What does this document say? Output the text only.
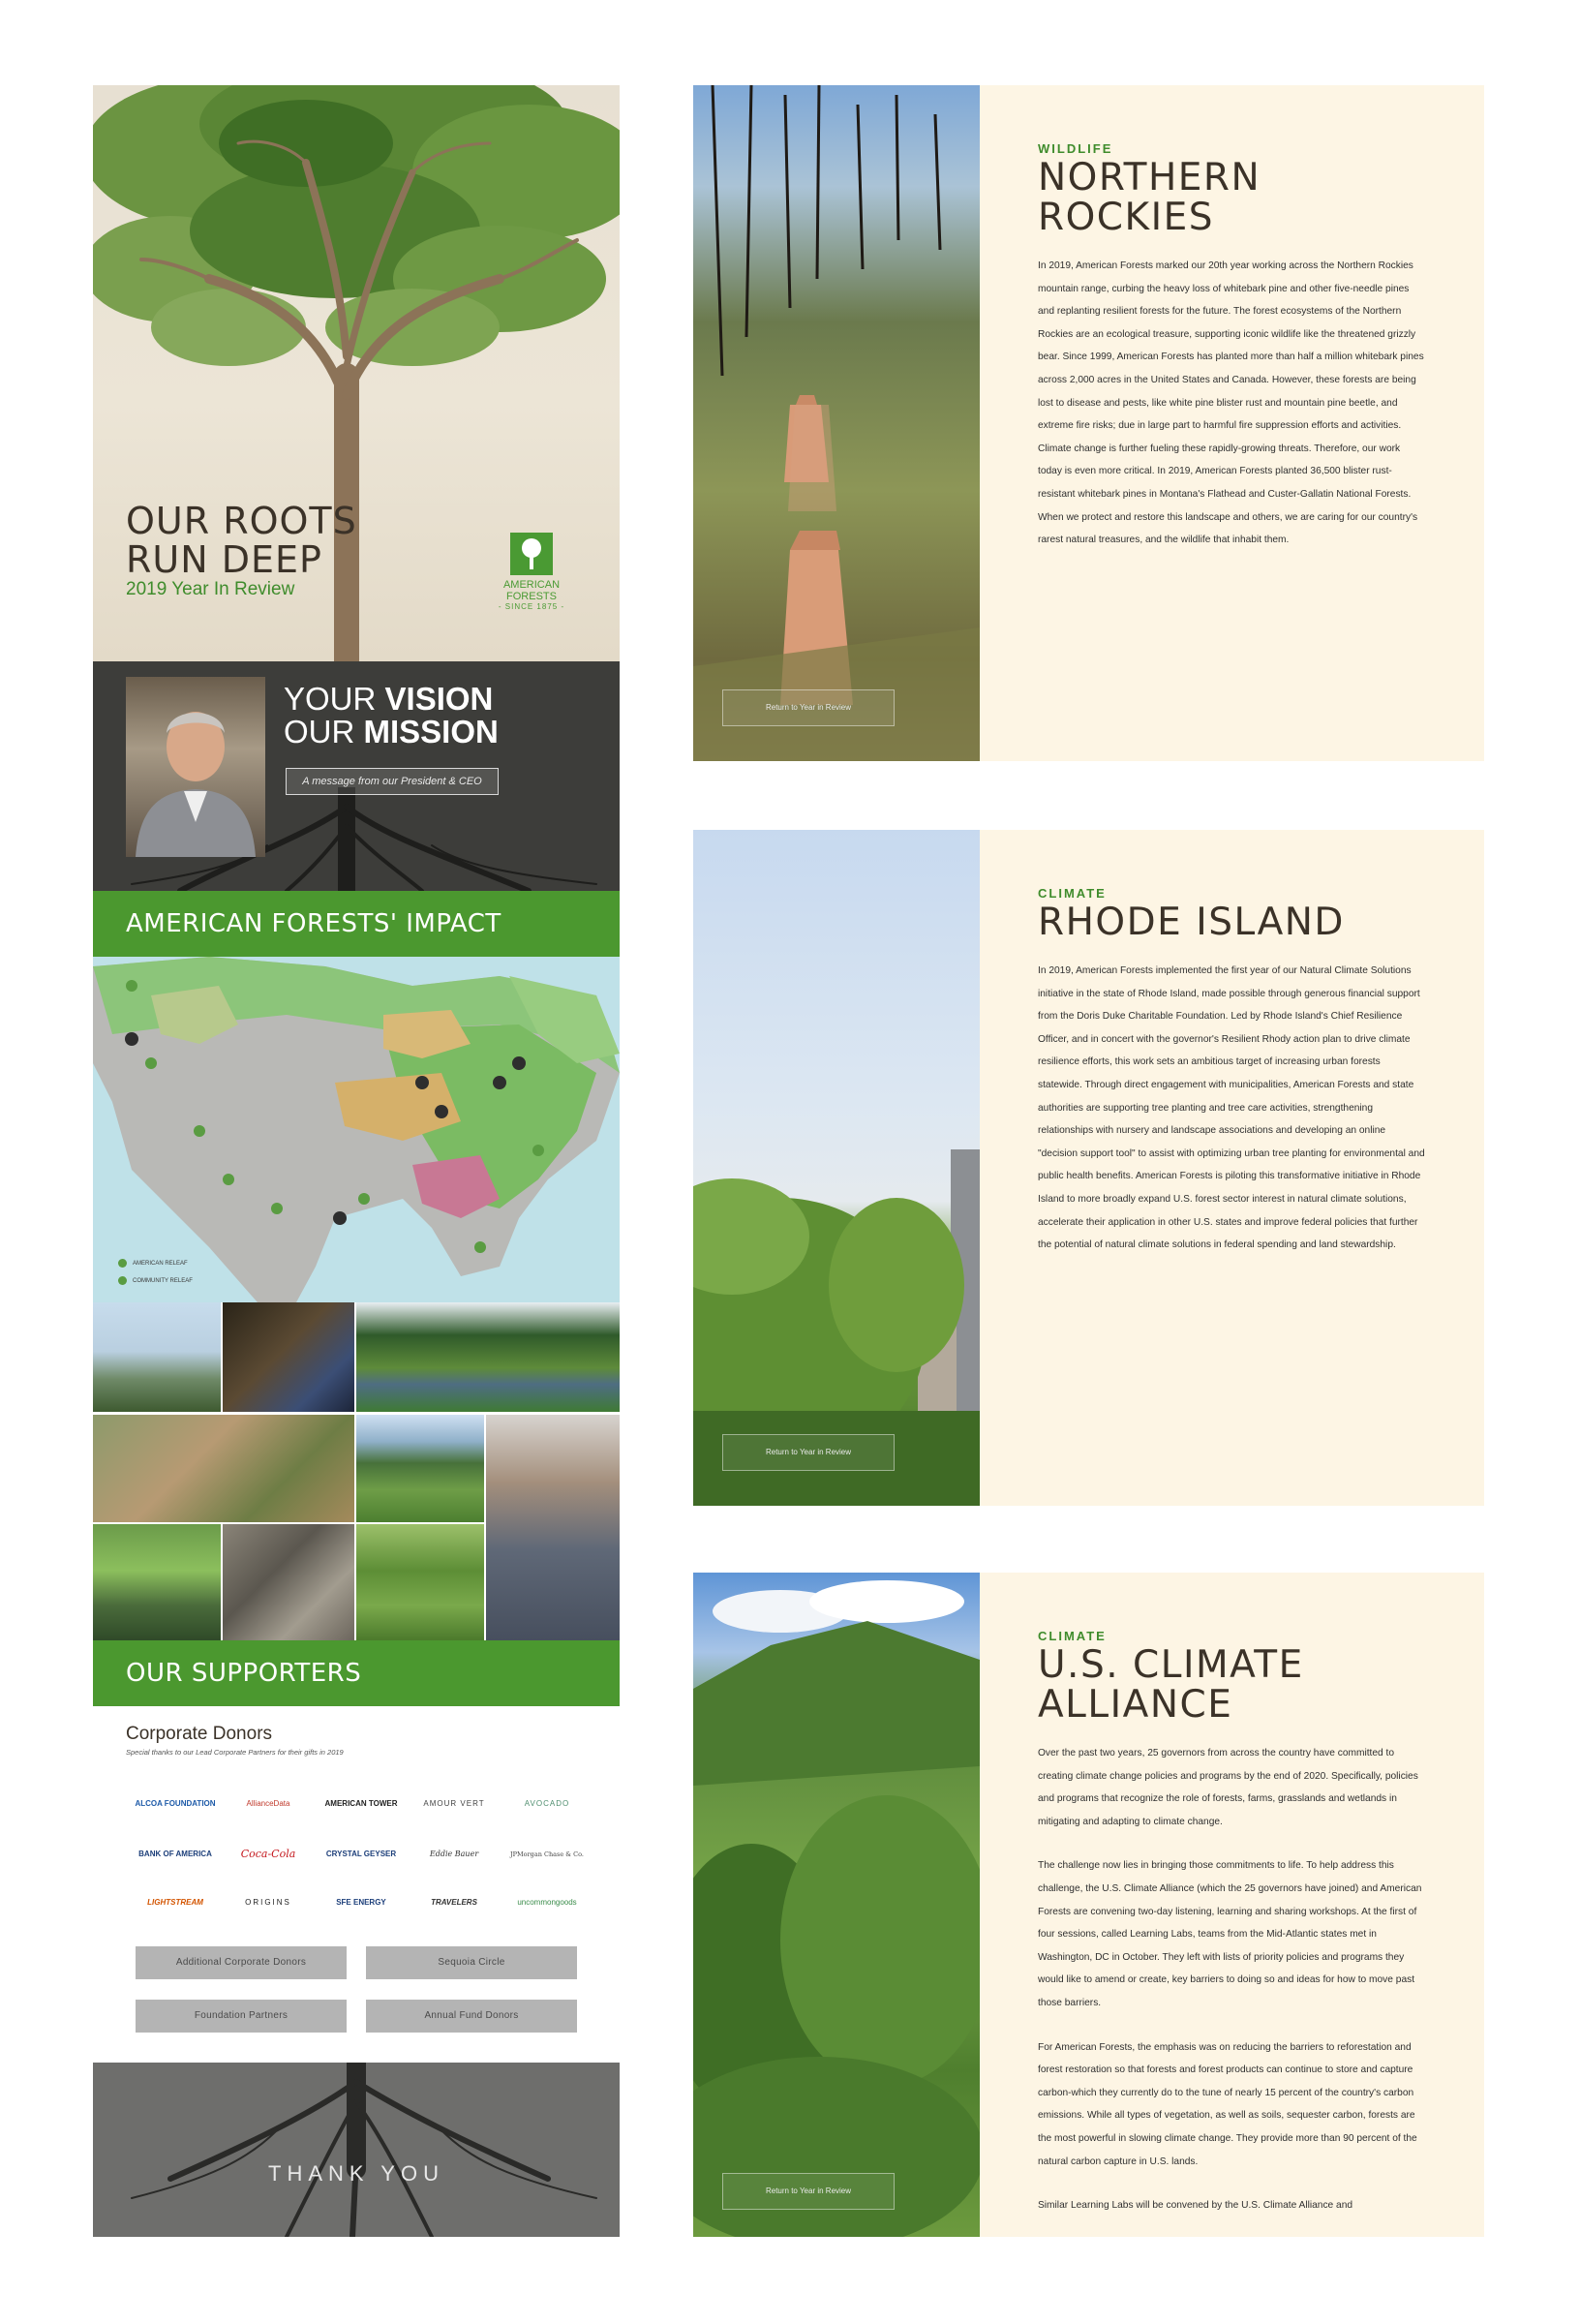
OUR ROOTS
RUN DEEP
2019 Year In Review	AMERICAN FORESTS
- SINCE 1875 -
YOUR VISION
OUR MISSION
A message from our President & CEO
AMERICAN FORESTS' IMPACT
AMERICAN RELEAF
COMMUNITY RELEAF
OUR SUPPORTERS
Corporate Donors
Special thanks to our Lead Corporate Partners for their gifts in 2019
ALCOA FOUNDATION	AllianceData	AMERICAN TOWER	AMOUR VERT	AVOCADO
BANK OF AMERICA	Coca-Cola	CRYSTAL GEYSER	Eddie Bauer	JPMorgan Chase & Co.
LIGHTSTREAM	ORIGINS	SFE ENERGY	TRAVELERS	uncommongoods
Additional Corporate Donors	Sequoia Circle
Foundation Partners	Annual Fund Donors
THANK YOU
Return to Year in Review
WILDLIFE
NORTHERN
ROCKIES

In 2019, American Forests marked our 20th year working across the Northern Rockies mountain range, curbing the heavy loss of whitebark pine and other five-needle pines and replanting resilient forests for the future. The forest ecosystems of the Northern Rockies are an ecological treasure, supporting iconic wildlife like the threatened grizzly bear. Since 1999, American Forests has planted more than half a million whitebark pines across 2,000 acres in the United States and Canada. However, these forests are being lost to disease and pests, like white pine blister rust and mountain pine beetle, and extreme fire risks; due in large part to harmful fire suppression efforts and activities. Climate change is further fueling these rapidly-growing threats. Therefore, our work today is even more critical. In 2019, American Forests planted 36,500 blister rust-resistant whitebark pines in Montana's Flathead and Custer-Gallatin National Forests. When we protect and restore this landscape and others, we are caring for our country's rarest natural treasures, and the wildlife that inhabit them.

Return to Year in Review
CLIMATE
RHODE ISLAND

In 2019, American Forests implemented the first year of our Natural Climate Solutions initiative in the state of Rhode Island, made possible through generous financial support from the Doris Duke Charitable Foundation. Led by Rhode Island's Chief Resilience Officer, and in concert with the governor's Resilient Rhody action plan to drive climate resilience efforts, this work sets an ambitious target of increasing urban forests statewide. Through direct engagement with municipalities, American Forests and state authorities are supporting tree planting and tree care activities, strengthening relationships with nursery and landscape associations and developing an online "decision support tool" to assist with optimizing urban tree planting for environmental and public health benefits. American Forests is piloting this transformative initiative in Rhode Island to more broadly expand U.S. forest sector interest in natural climate solutions, accelerate their application in other U.S. states and improve federal policies that further the potential of natural climate solutions in federal spending and land stewardship.

Return to Year in Review
CLIMATE
U.S. CLIMATE
ALLIANCE

Over the past two years, 25 governors from across the country have committed to creating climate change policies and programs by the end of 2020. Specifically, policies and programs that recognize the role of forests, farms, grasslands and wetlands in mitigating and adapting to climate change.

The challenge now lies in bringing those commitments to life. To help address this challenge, the U.S. Climate Alliance (which the 25 governors have joined) and American Forests are convening two-day listening, learning and sharing workshops. At the first of four sessions, called Learning Labs, teams from the Mid-Atlantic states met in Washington, DC in October. They left with lists of priority policies and programs they would like to amend or create, key barriers to doing so and ideas for how to move past those barriers.

For American Forests, the emphasis was on reducing the barriers to reforestation and forest restoration so that forests and forest products can continue to store and capture carbon-which they currently do to the tune of nearly 15 percent of the country's carbon emissions. While all types of vegetation, as well as soils, sequester carbon, forests are the most powerful in slowing climate change. They provide more than 90 percent of the natural carbon capture in U.S. lands.

Similar Learning Labs will be convened by the U.S. Climate Alliance and
